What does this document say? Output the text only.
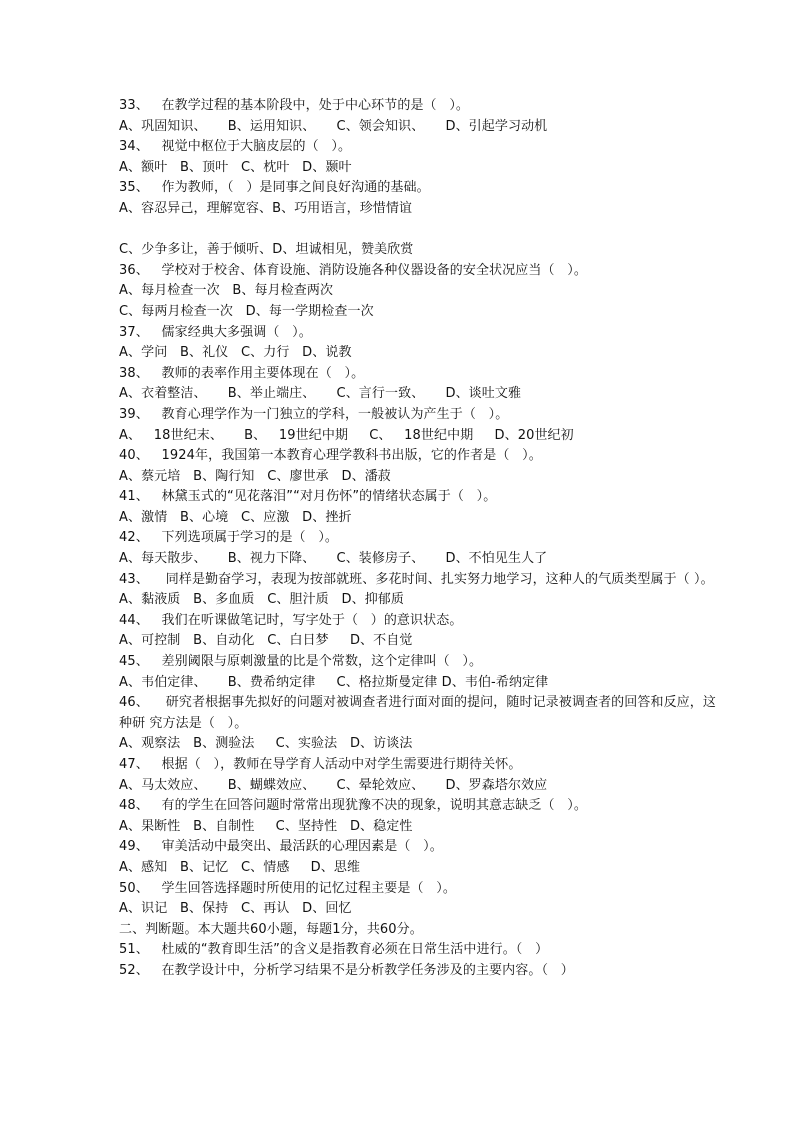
33、   在教学过程的基本阶段中，处于中心环节的是（   ）。
A、巩固知识、     B、运用知识、     C、领会知识、     D、引起学习动机
34、   视觉中枢位于大脑皮层的（   ）。
A、额叶   B、顶叶   C、枕叶   D、颞叶
35、   作为教师，（   ）是同事之间良好沟通的基础。
A、容忍异己，理解宽容、B、巧用语言，珍惜情谊
C、少争多让，善于倾听、D、坦诚相见，赞美欣赏
36、   学校对于校舍、体育设施、消防设施各种仪器设备的安全状况应当（   ）。
A、每月检查一次   B、每月检查两次
C、每两月检查一次   D、每一学期检查一次
37、   儒家经典大多强调（   ）。
A、学问   B、礼仪   C、力行   D、说教
38、   教师的表率作用主要体现在（   ）。
A、衣着整洁、     B、举止端庄、     C、言行一致、     D、谈吐文雅
39、   教育心理学作为一门独立的学科，一般被认为产生于（   ）。
A、   18世纪末、     B、   19世纪中期     C、   18世纪中期     D、20世纪初
40、   1924年，我国第一本教育心理学教科书出版，它的作者是（   ）。
A、蔡元培   B、陶行知   C、廖世承   D、潘菽
41、   林黛玉式的“见花落泪”“对月伤怀”的情绪状态属于（   ）。
A、激情   B、心境   C、应激   D、挫折
42、   下列选项属于学习的是（   ）。
A、每天散步、     B、视力下降、     C、装修房子、     D、不怕见生人了
43、    同样是勤奋学习，表现为按部就班、多花时间、扎实努力地学习，这种人的气质类型属于（ ）。
A、黏液质   B、多血质   C、胆汁质   D、抑郁质
44、   我们在听课做笔记时，写字处于（   ）的意识状态。
A、可控制   B、自动化   C、白日梦     D、不自觉
45、   差别阈限与原刺激量的比是个常数，这个定律叫（   ）。
A、韦伯定律、     B、费希纳定律     C、格拉斯曼定律 D、韦伯-希纳定律
46、    研究者根据事先拟好的问题对被调查者进行面对面的提问，随时记录被调查者的回答和反应，这种研 究方法是（   ）。
A、观察法   B、测验法     C、实验法   D、访谈法
47、   根据（   ），教师在导学育人活动中对学生需要进行期待关怀。
A、马太效应、     B、蝴蝶效应、     C、晕轮效应、     D、罗森塔尔效应
48、   有的学生在回答问题时常常出现犹豫不决的现象，说明其意志缺乏（   ）。
A、果断性   B、自制性     C、坚持性   D、稳定性
49、   审美活动中最突出、最活跃的心理因素是（   ）。
A、感知   B、记忆   C、情感     D、思维
50、   学生回答选择题时所使用的记忆过程主要是（   ）。
A、识记   B、保持   C、再认   D、回忆
二、判断题。本大题共60小题，每题1分，共60分。
51、   杜威的“教育即生活”的含义是指教育必须在日常生活中进行。（   ）
52、   在教学设计中，分析学习结果不是分析教学任务涉及的主要内容。（   ）
